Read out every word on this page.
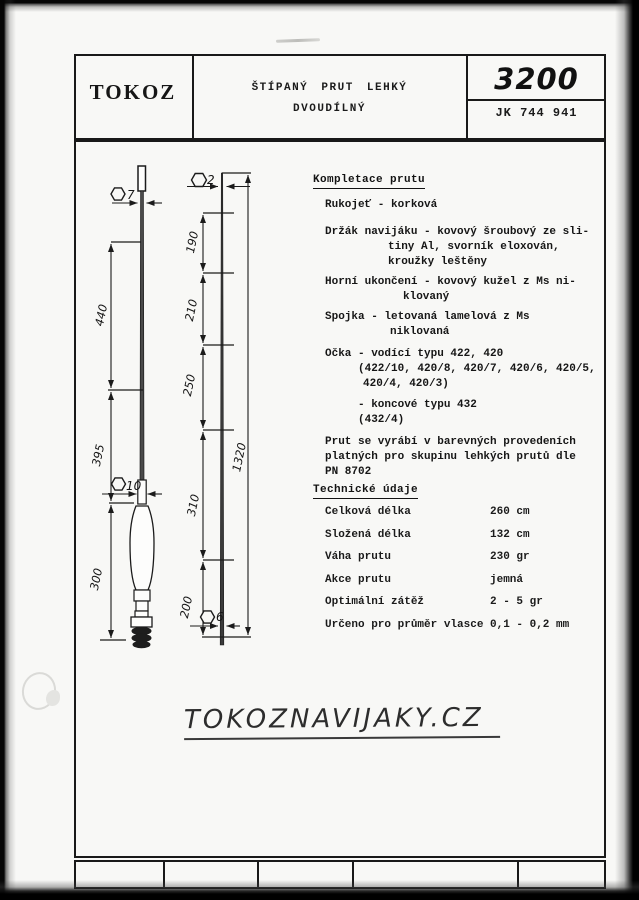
TOKOZ	ŠTÍPANÝ PRUT LEHKÝ
DVOUDÍLNÝ
3200
JK 744 941
7
10
440
395
300
2
6
190
210
250
310
200
1320
Kompletace prutu
Rukojeť - korková
Držák navijáku - kovový šroubový ze sli-
tiny Al, svorník eloxován,
kroužky leštěny
Horní ukončení - kovový kužel z Ms ni-
klovaný
Spojka - letovaná lamelová z Ms
niklovaná
Očka - vodící typu 422, 420
(422/10, 420/8, 420/7, 420/6, 420/5,
420/4, 420/3)
- koncové typu 432
(432/4)
Prut se vyrábí v barevných provedeních
platných pro skupinu lehkých prutů dle
PN 8702
Technické údaje
Celková délka	260 cm
Složená délka	132 cm
Váha prutu	230 gr
Akce prutu	jemná
Optimální zátěž	2 - 5 gr
Určeno pro průměr vlasce 0,1 - 0,2 mm
TOKOZNAVIJAKY.CZ
